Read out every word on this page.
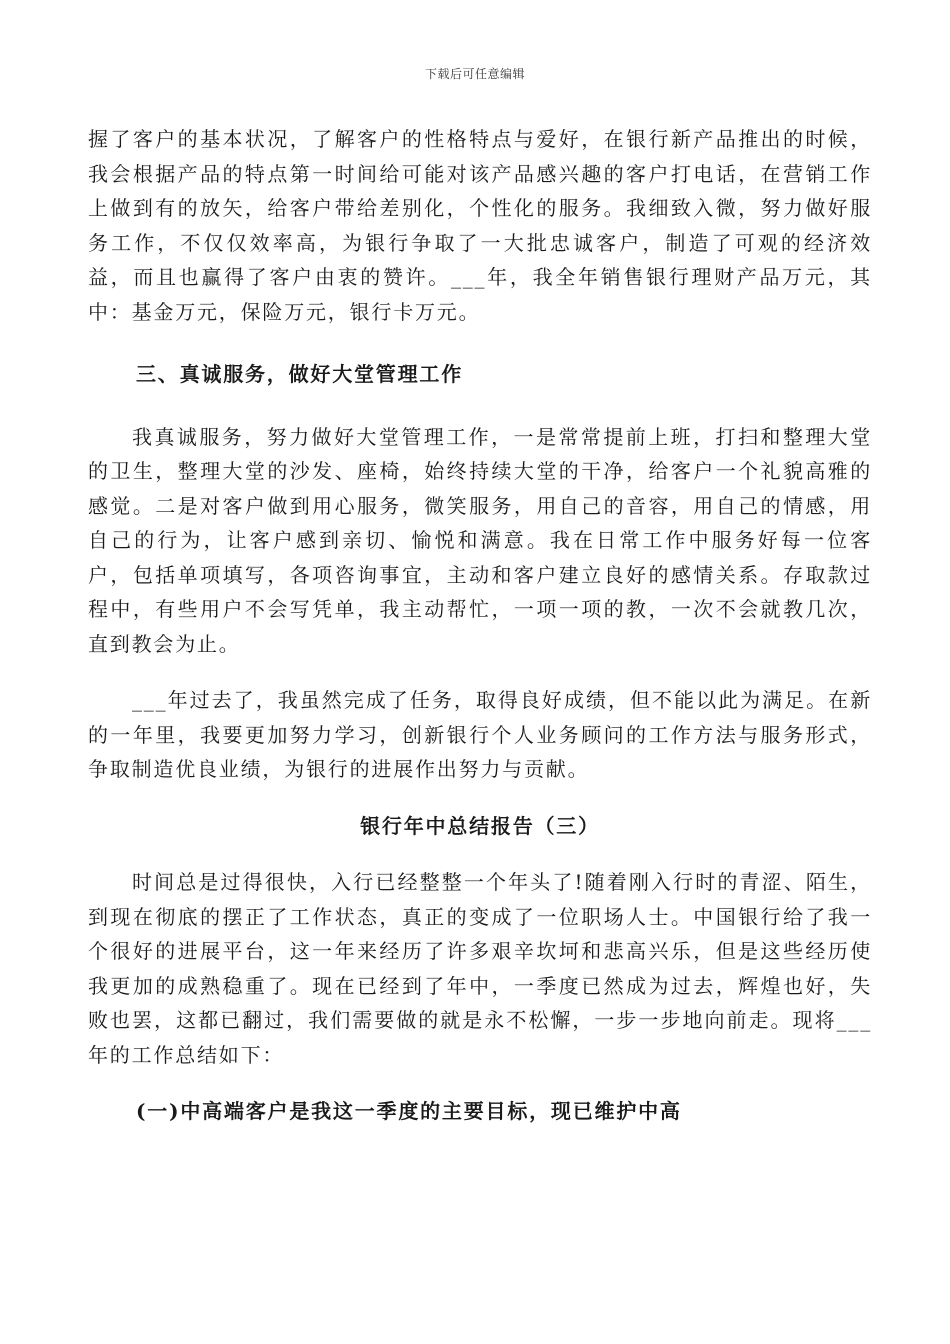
下载后可任意编辑

握了客户的基本状况，了解客户的性格特点与爱好，在银行新产品推出的时候，我会根据产品的特点第一时间给可能对该产品感兴趣的客户打电话，在营销工作上做到有的放矢，给客户带给差别化，个性化的服务。我细致入微，努力做好服务工作，不仅仅效率高，为银行争取了一大批忠诚客户，制造了可观的经济效益，而且也赢得了客户由衷的赞许。___年，我全年销售银行理财产品万元，其中：基金万元，保险万元，银行卡万元。

三、真诚服务，做好大堂管理工作

我真诚服务，努力做好大堂管理工作，一是常常提前上班，打扫和整理大堂的卫生，整理大堂的沙发、座椅，始终持续大堂的干净，给客户一个礼貌高雅的感觉。二是对客户做到用心服务，微笑服务，用自己的音容，用自己的情感，用自己的行为，让客户感到亲切、愉悦和满意。我在日常工作中服务好每一位客户，包括单项填写，各项咨询事宜，主动和客户建立良好的感情关系。存取款过程中，有些用户不会写凭单，我主动帮忙，一项一项的教，一次不会就教几次，直到教会为止。

___年过去了，我虽然完成了任务，取得良好成绩，但不能以此为满足。在新的一年里，我要更加努力学习，创新银行个人业务顾问的工作方法与服务形式，争取制造优良业绩，为银行的进展作出努力与贡献。

银行年中总结报告（三）

时间总是过得很快，入行已经整整一个年头了!随着刚入行时的青涩、陌生，到现在彻底的摆正了工作状态，真正的变成了一位职场人士。中国银行给了我一个很好的进展平台，这一年来经历了许多艰辛坎坷和悲高兴乐，但是这些经历使我更加的成熟稳重了。现在已经到了年中，一季度已然成为过去，辉煌也好，失败也罢，这都已翻过，我们需要做的就是永不松懈，一步一步地向前走。现将___年的工作总结如下：

(一)中高端客户是我这一季度的主要目标，现已维护中高
